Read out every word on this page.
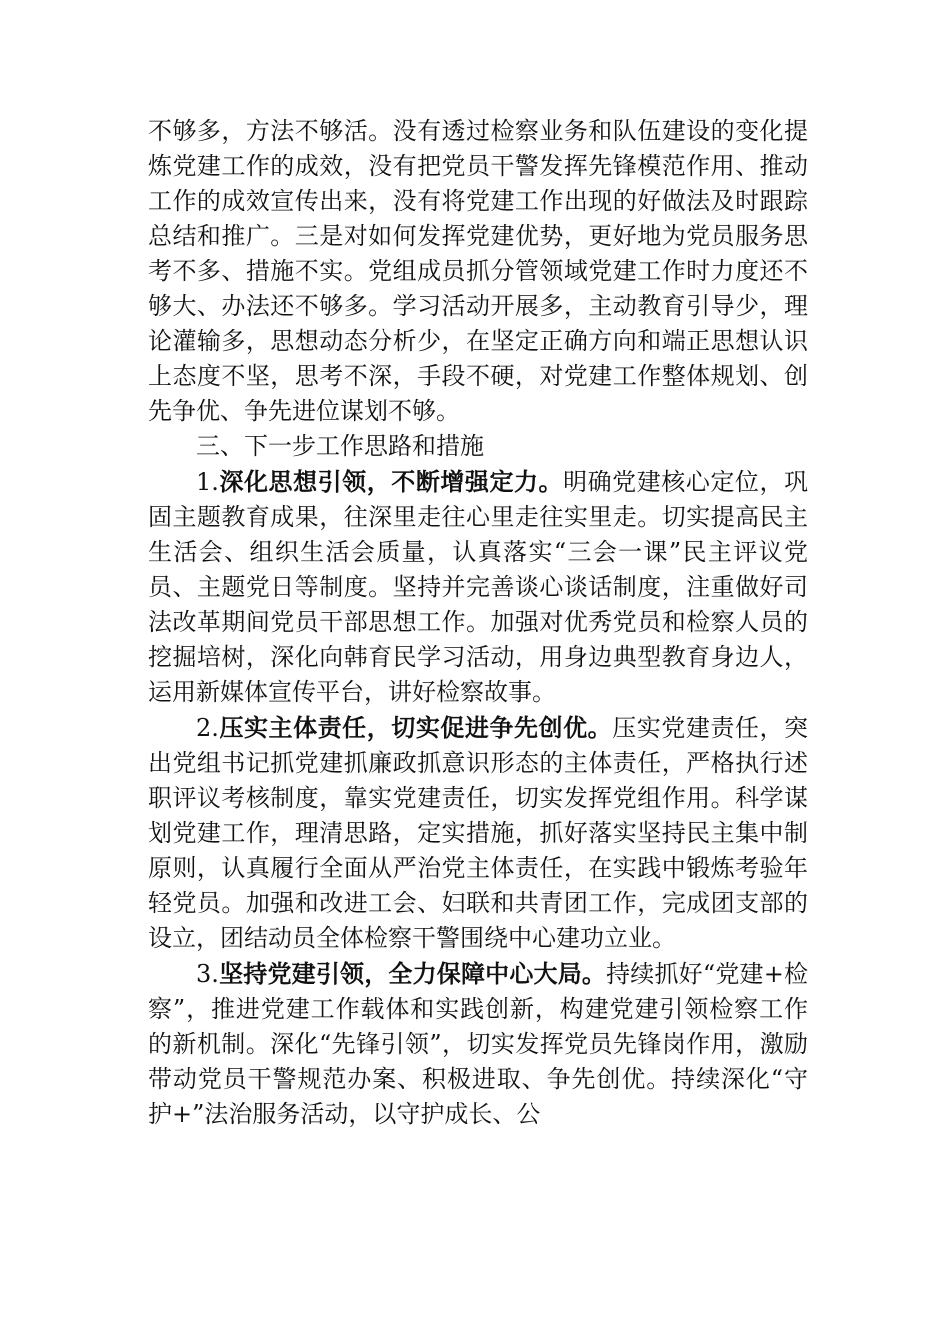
不够多，方法不够活。没有透过检察业务和队伍建设的变化提炼党建工作的成效，没有把党员干警发挥先锋模范作用、推动工作的成效宣传出来，没有将党建工作出现的好做法及时跟踪总结和推广。三是对如何发挥党建优势，更好地为党员服务思考不多、措施不实。党组成员抓分管领域党建工作时力度还不够大、办法还不够多。学习活动开展多，主动教育引导少，理论灌输多，思想动态分析少，在坚定正确方向和端正思想认识上态度不坚，思考不深，手段不硬，对党建工作整体规划、创先争优、争先进位谋划不够。

三、下一步工作思路和措施

1.深化思想引领，不断增强定力。明确党建核心定位，巩固主题教育成果，往深里走往心里走往实里走。切实提高民主生活会、组织生活会质量，认真落实“三会一课”民主评议党员、主题党日等制度。坚持并完善谈心谈话制度，注重做好司法改革期间党员干部思想工作。加强对优秀党员和检察人员的挖掘培树，深化向韩育民学习活动，用身边典型教育身边人，运用新媒体宣传平台，讲好检察故事。

2.压实主体责任，切实促进争先创优。压实党建责任，突出党组书记抓党建抓廉政抓意识形态的主体责任，严格执行述职评议考核制度，靠实党建责任，切实发挥党组作用。科学谋划党建工作，理清思路，定实措施，抓好落实坚持民主集中制原则，认真履行全面从严治党主体责任，在实践中锻炼考验年轻党员。加强和改进工会、妇联和共青团工作，完成团支部的设立，团结动员全体检察干警围绕中心建功立业。

3.坚持党建引领，全力保障中心大局。持续抓好“党建+检察”，推进党建工作载体和实践创新，构建党建引领检察工作的新机制。深化“先锋引领”，切实发挥党员先锋岗作用，激励带动党员干警规范办案、积极进取、争先创优。持续深化“守护+”法治服务活动，以守护成长、公
